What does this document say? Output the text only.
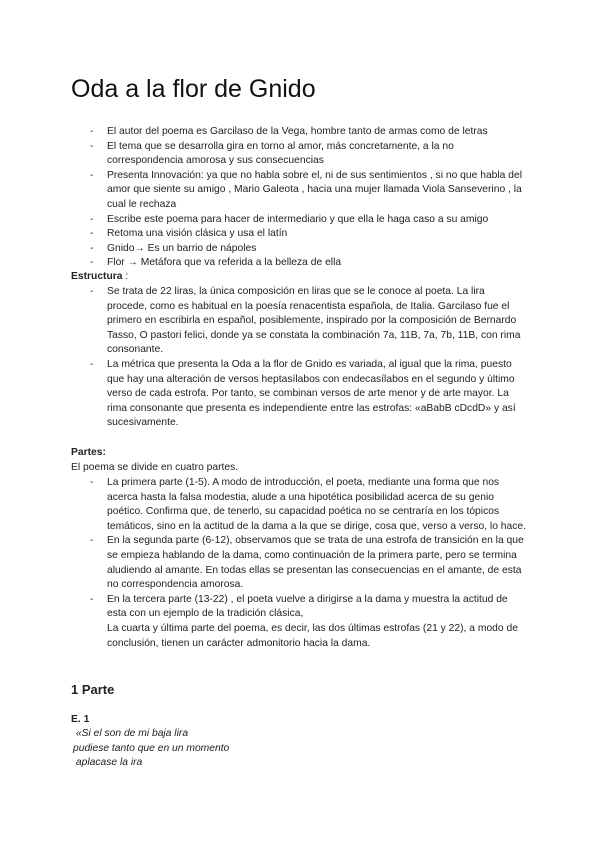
Oda a la flor de Gnido
- El autor del poema es Garcilaso de la Vega, hombre tanto de armas como de letras
- El tema que se desarrolla gira en torno al amor, más concretamente, a la no correspondencia amorosa y sus consecuencias
- Presenta Innovación: ya que no habla sobre el, ni de sus sentimientos , si no que habla del amor que siente su amigo , Mario Galeota , hacia una mujer llamada Viola Sanseverino , la cual le rechaza
- Escribe este poema para hacer de intermediario y que ella le haga caso a su amigo
- Retoma una visión clásica y usa el latín
- Gnido→ Es un barrio de nápoles
- Flor → Metáfora que va referida a la belleza de ella
Estructura :
- Se trata de 22 liras, la única composición en liras que se le conoce al poeta. La lira procede, como es habitual en la poesía renacentista española, de Italia. Garcilaso fue el primero en escribirla en español, posiblemente, inspirado por la composición de Bernardo Tasso, O pastori felici, donde ya se constata la combinación 7a, 11B, 7a, 7b, 11B, con rima consonante.
- La métrica que presenta la Oda a la flor de Gnido es variada, al igual que la rima, puesto que hay una alteración de versos heptasílabos con endecasílabos en el segundo y último verso de cada estrofa. Por tanto, se combinan versos de arte menor y de arte mayor. La rima consonante que presenta es independiente entre las estrofas: «aBabB cDcdD» y así sucesivamente.
Partes:
El poema se divide en cuatro partes.
- La primera parte (1-5). A modo de introducción, el poeta, mediante una forma que nos acerca hasta la falsa modestia, alude a una hipotética posibilidad acerca de su genio poético. Confirma que, de tenerlo, su capacidad poética no se centraría en los tópicos temáticos, sino en la actitud de la dama a la que se dirige, cosa que, verso a verso, lo hace.
- En la segunda parte (6-12), observamos que se trata de una estrofa de transición en la que se empieza hablando de la dama, como continuación de la primera parte, pero se termina aludiendo al amante. En todas ellas se presentan las consecuencias en el amante, de esta no correspondencia amorosa.
- En la tercera parte (13-22) , el poeta vuelve a dirigirse a la dama y muestra la actitud de esta con un ejemplo de la tradición clásica,
La cuarta y última parte del poema, es decir, las dos últimas estrofas (21 y 22), a modo de conclusión, tienen un carácter admonitorio hacia la dama.
1 Parte
E. 1
«Si el son de mi baja lira
pudiese tanto que en un momento
aplacase la ira
